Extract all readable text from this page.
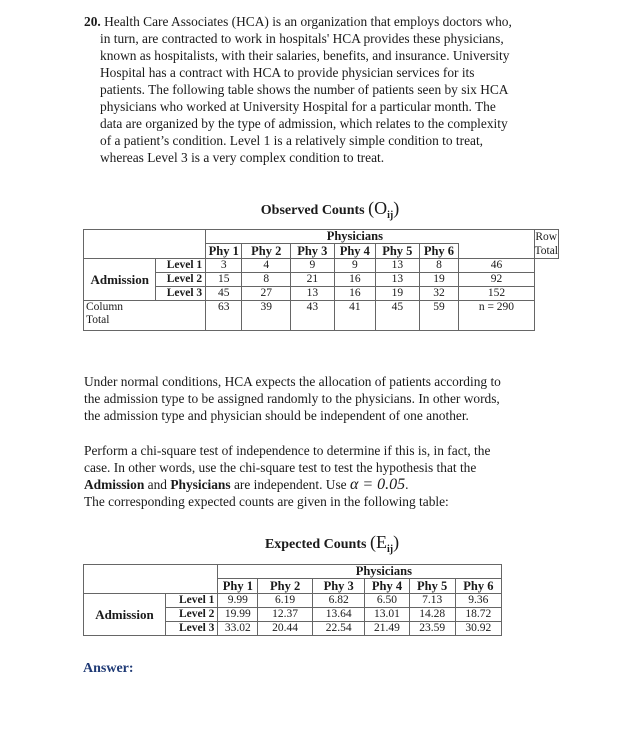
20. Health Care Associates (HCA) is an organization that employs doctors who,
in turn, are contracted to work in hospitals' HCA provides these physicians,
known as hospitalists, with their salaries, benefits, and insurance. University
Hospital has a contract with HCA to provide physician services for its
patients. The following table shows the number of patients seen by six HCA
physicians who worked at University Hospital for a particular month. The
data are organized by the type of admission, which relates to the complexity
of a patient’s condition. Level 1 is a relatively simple condition to treat,
whereas Level 3 is a very complex condition to treat.
Observed Counts $(O_{ij})$
				Physicians					Row
Total
		Phy 1	Phy 2	Phy 3	Phy 4	Phy 5	Phy 6		
Admission	Level 1	3	4	9	9	13	8	46	
	Level 2	15	8	21	16	13	19	92	
	Level 3	45	27	13	16	19	32	152	
Column
Total		63	39	43	41	45	59	n = 290	
Under normal conditions, HCA expects the allocation of patients according to
the admission type to be assigned randomly to the physicians. In other words,
the admission type and physician should be independent of one another.
Perform a chi-square test of independence to determine if this is, in fact, the
case. In other words, use the chi-square test to test the hypothesis that the
Admission and Physicians are independent. Use α = 0.05.
The corresponding expected counts are given in the following table:
Expected Counts $(E_{ij})$
				Physicians			
		Phy 1	Phy 2	Phy 3	Phy 4	Phy 5	Phy 6
Admission	Level 1	9.99	6.19	6.82	6.50	7.13	9.36
	Level 2	19.99	12.37	13.64	13.01	14.28	18.72
	Level 3	33.02	20.44	22.54	21.49	23.59	30.92
Answer:
